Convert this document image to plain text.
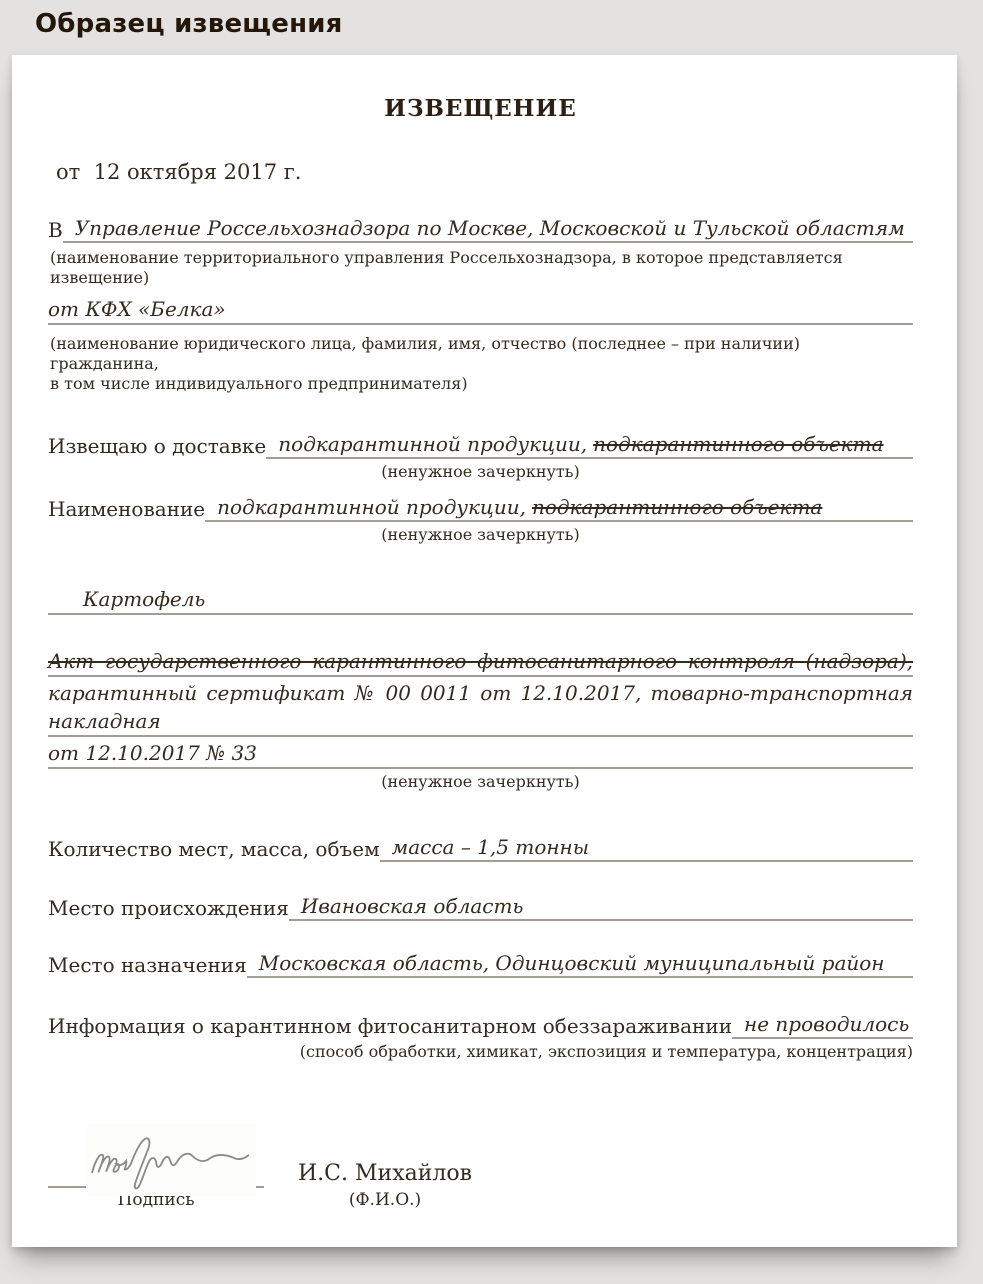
Образец извещения
ИЗВЕЩЕНИЕ
от  12 октября 2017 г.
В Управление Россельхознадзора по Москве, Московской и Тульской областям
(наименование территориального управления Россельхознадзора, в которое представляется извещение)
от КФХ «Белка»
(наименование юридического лица, фамилия, имя, отчество (последнее – при наличии) гражданина,
в том числе индивидуального предпринимателя)
Извещаю о доставке подкарантинной продукции, подкарантинного объекта
(ненужное зачеркнуть)
Наименование подкарантинной продукции, подкарантинного объекта
(ненужное зачеркнуть)
Картофель
Акт государственного карантинного фитосанитарного контроля (надзора),
карантинный сертификат № 00 0011 от 12.10.2017, товарно-транспортная накладная
от 12.10.2017 № 33
(ненужное зачеркнуть)
Количество мест, масса, объем масса – 1,5 тонны
Место происхождения Ивановская область
Место назначения Московская область, Одинцовский муниципальный район
Информация о карантинном фитосанитарном обеззараживании не проводилось
(способ обработки, химикат, экспозиция и температура, концентрация)
Подпись
И.С. Михайлов
(Ф.И.О.)
